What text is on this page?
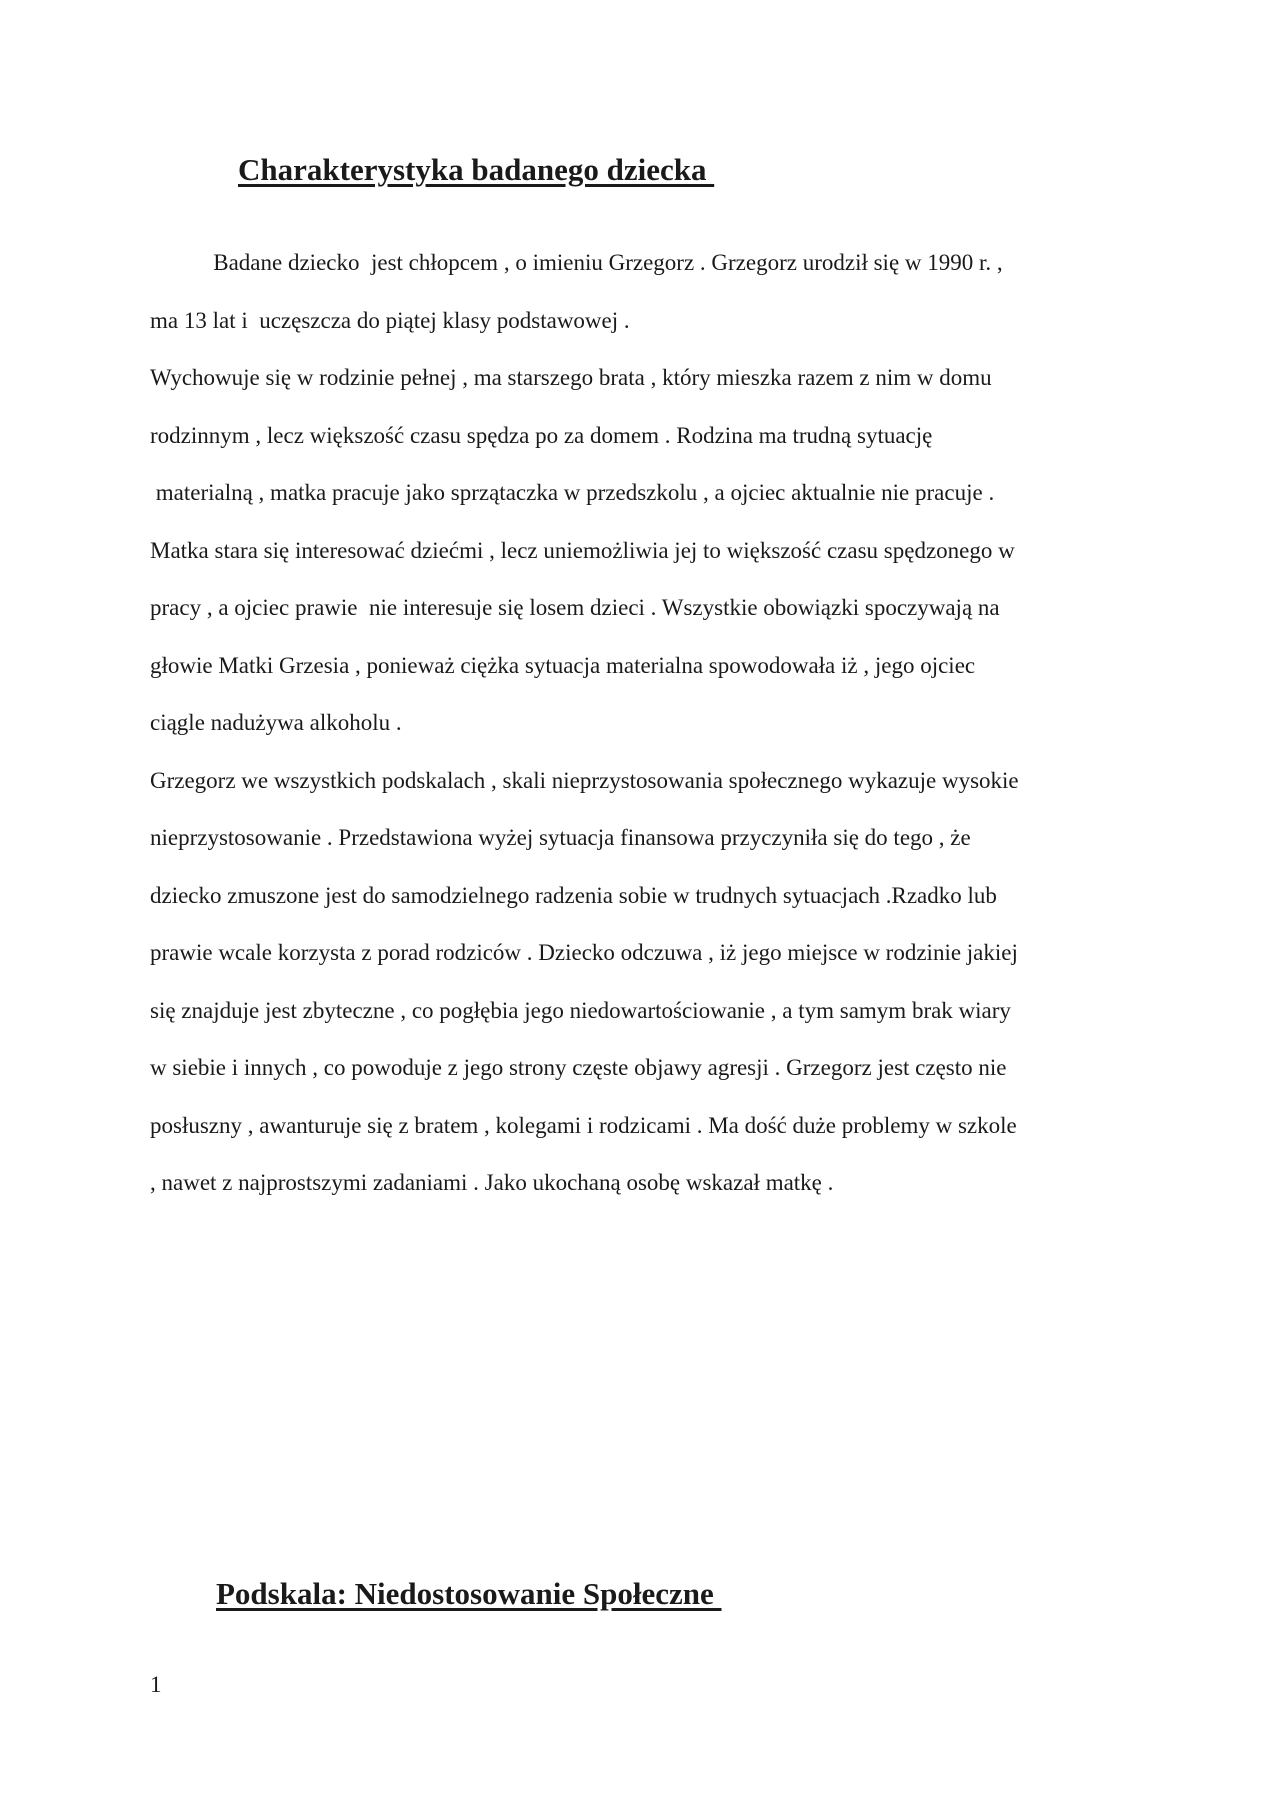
Charakterystyka badanego dziecka
Badane dziecko  jest chłopcem , o imieniu Grzegorz . Grzegorz urodził się w 1990 r. ,
ma 13 lat i  uczęszcza do piątej klasy podstawowej .
Wychowuje się w rodzinie pełnej , ma starszego brata , który mieszka razem z nim w domu
rodzinnym , lecz większość czasu spędza po za domem . Rodzina ma trudną sytuację
materialną , matka pracuje jako sprzątaczka w przedszkolu , a ojciec aktualnie nie pracuje .
Matka stara się interesować dziećmi , lecz uniemożliwia jej to większość czasu spędzonego w
pracy , a ojciec prawie  nie interesuje się losem dzieci . Wszystkie obowiązki spoczywają na
głowie Matki Grzesia , ponieważ ciężka sytuacja materialna spowodowała iż , jego ojciec
ciągle nadużywa alkoholu .
Grzegorz we wszystkich podskalach , skali nieprzystosowania społecznego wykazuje wysokie
nieprzystosowanie . Przedstawiona wyżej sytuacja finansowa przyczyniła się do tego , że
dziecko zmuszone jest do samodzielnego radzenia sobie w trudnych sytuacjach .Rzadko lub
prawie wcale korzysta z porad rodziców . Dziecko odczuwa , iż jego miejsce w rodzinie jakiej
się znajduje jest zbyteczne , co pogłębia jego niedowartościowanie , a tym samym brak wiary
w siebie i innych , co powoduje z jego strony częste objawy agresji . Grzegorz jest często nie
posłuszny , awanturuje się z bratem , kolegami i rodzicami . Ma dość duże problemy w szkole
, nawet z najprostszymi zadaniami . Jako ukochaną osobę wskazał matkę .
Podskala: Niedostosowanie Społeczne
1
